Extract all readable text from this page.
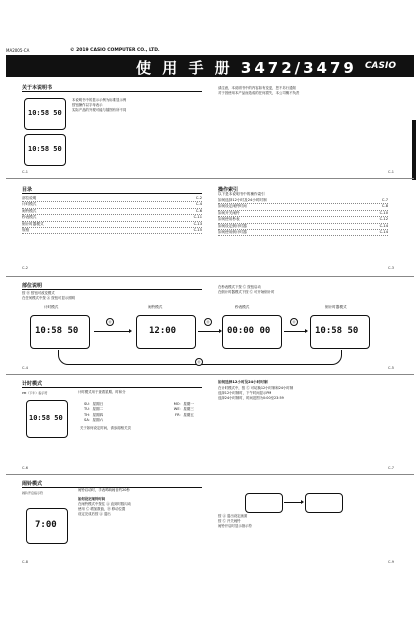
MA2005-CA	© 2019 CASIO COMPUTER CO., LTD.
使 用 手 册 3472/3479 CASIO
关于本说明书
10:58 50
10:58 50
本说明书中的显示示例为标准显示例
按钮操作以字母表示
实际产品的外观可能与插图有所不同
请注意，本说明书中的内容如有变更，恕不另行通知
对于因使用本产品而造成的任何损失，本公司概不负责
C-1	C-1
目录
部位说明	C-2
计时模式	C-4
闹铃模式	C-6
秒表模式	C-11
倒计时器模式	C-13
规格	C-15
操作索引
以下是本说明书中的操作索引
如何选择12小时及24小时时制	C-7
如何设定闹铃时间	C-8
如何开关闹铃	C-10
如何使用秒表	C-12
如何设定倒计时器	C-14
如何使用倒计时器	C-14
C-2	C-3
部位说明
按 Ⓑ 按钮可改变模式
在任何模式中按 Ⓐ 按钮可显示照明
在秒表模式下按 Ⓒ 按钮启动
在倒计时器模式下按 Ⓒ 可开始倒计时
计时模式	闹铃模式	秒表模式	倒计时器模式
10:58 50
Ⓑ
12:00
Ⓑ
00:00 00
Ⓑ
10:58 50
Ⓑ
C-4	C-5
计时模式
PM（下午）指示符
10:58 50
计时模式用于查看星期、时和分
SU：星期日	MO：星期一
TU：星期二	WE：星期三
TH：星期四	FR：星期五
SA：星期六
关于如何设定时间，请参阅相关页
如何选择12小时及24小时时制
在计时模式中，按 Ⓒ 可切换12小时制和24小时制
选择12小时制时，下午时间显示PM
选择24小时制时，时间范围为0:00至23:59
C-6	C-7
闹铃模式
闹铃开启指示符
7:00
闹铃启动时，手表鸣响闹音约20秒
如何设定闹铃时间
在闹铃模式中按住 Ⓐ 直到时数闪动
使用 Ⓒ 增加数值，Ⓑ 移动位置
设定完成后按 Ⓐ 退出	按 Ⓐ 退出设定画面
按 Ⓒ 开关闹铃
闹铃开启时显示指示符
C-8	C-9
